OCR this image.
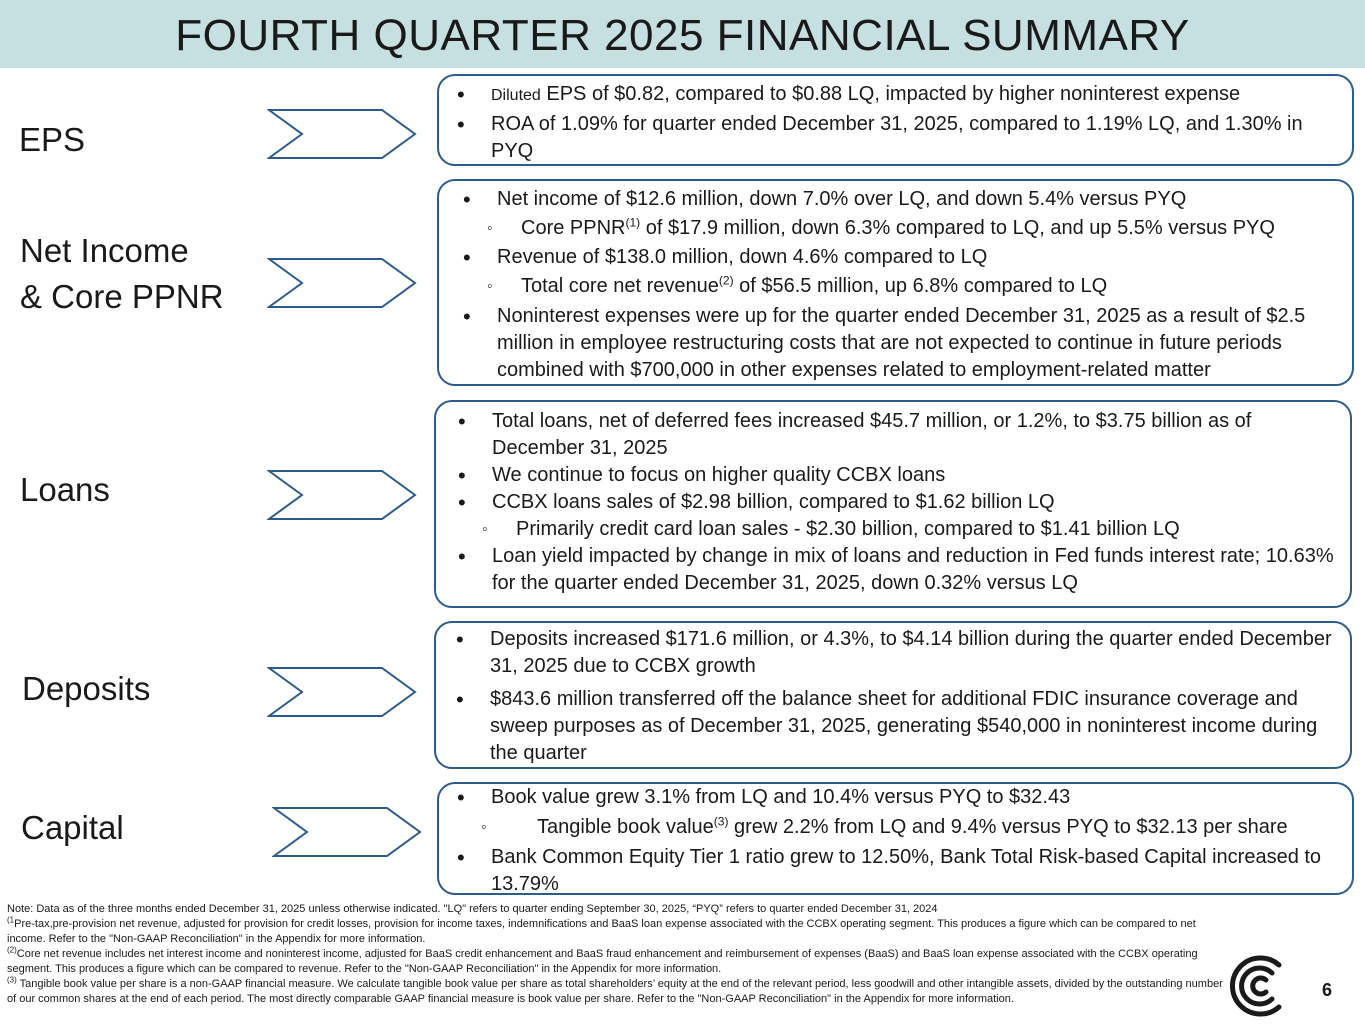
FOURTH QUARTER 2025 FINANCIAL SUMMARY
EPS
Net Income
& Core PPNR
Loans
Deposits
Capital
• Diluted EPS of $0.82, compared to $0.88 LQ, impacted by higher noninterest expense
• ROA of 1.09% for quarter ended December 31, 2025, compared to 1.19% LQ, and 1.30% in PYQ
• Net income of $12.6 million, down 7.0% over LQ, and down 5.4% versus PYQ
◦ Core PPNR$^{(1)}$ of $17.9 million, down 6.3% compared to LQ, and up 5.5% versus PYQ
• Revenue of $138.0 million, down 4.6% compared to LQ
◦ Total core net revenue$^{(2)}$ of $56.5 million, up 6.8% compared to LQ
• Noninterest expenses were up for the quarter ended December 31, 2025 as a result of $2.5 million in employee restructuring costs that are not expected to continue in future periods combined with $700,000 in other expenses related to employment-related matter
• Total loans, net of deferred fees increased $45.7 million, or 1.2%, to $3.75 billion as of December 31, 2025
• We continue to focus on higher quality CCBX loans
• CCBX loans sales of $2.98 billion, compared to $1.62 billion LQ
◦ Primarily credit card loan sales - $2.30 billion, compared to $1.41 billion LQ
• Loan yield impacted by change in mix of loans and reduction in Fed funds interest rate; 10.63% for the quarter ended December 31, 2025, down 0.32% versus LQ
• Deposits increased $171.6 million, or 4.3%, to $4.14 billion during the quarter ended December 31, 2025 due to CCBX growth
• $843.6 million transferred off the balance sheet for additional FDIC insurance coverage and sweep purposes as of December 31, 2025, generating $540,000 in noninterest income during the quarter
• Book value grew 3.1% from LQ and 10.4% versus PYQ to $32.43
◦ Tangible book value$^{(3)}$ grew 2.2% from LQ and 9.4% versus PYQ to $32.13 per share
• Bank Common Equity Tier 1 ratio grew to 12.50%, Bank Total Risk-based Capital increased to 13.79%

Note: Data as of the three months ended December 31, 2025 unless otherwise indicated. "LQ" refers to quarter ending September 30, 2025, “PYQ” refers to quarter ended December 31, 2024

$^{(1}$Pre-tax,pre-provision net revenue, adjusted for provision for credit losses, provision for income taxes, indemnifications and BaaS loan expense associated with the CCBX operating segment. This produces a figure which can be compared to net income. Refer to the "Non-GAAP Reconciliation" in the Appendix for more information.

$^{(2)}$Core net revenue includes net interest income and noninterest income, adjusted for BaaS credit enhancement and BaaS fraud enhancement and reimbursement of expenses (BaaS) and BaaS loan expense associated with the CCBX operating segment. This produces a figure which can be compared to revenue. Refer to the "Non-GAAP Reconciliation" in the Appendix for more information.

$^{(3)}$ Tangible book value per share is a non-GAAP financial measure. We calculate tangible book value per share as total shareholders’ equity at the end of the relevant period, less goodwill and other intangible assets, divided by the outstanding number of our common shares at the end of each period. The most directly comparable GAAP financial measure is book value per share. Refer to the "Non-GAAP Reconciliation" in the Appendix for more information.	6
